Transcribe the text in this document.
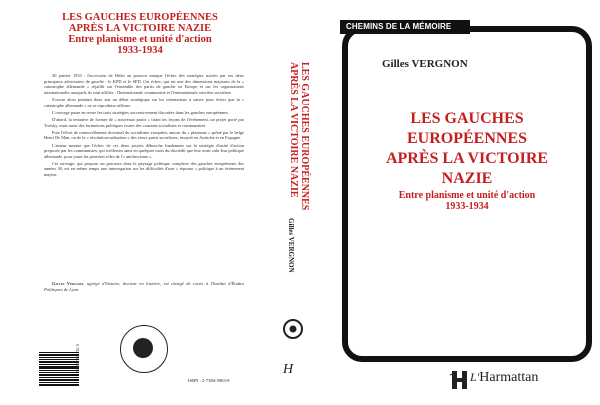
LES GAUCHES EUROPÉENNES
APRÈS LA VICTOIRE NAZIE
Entre planisme et unité d'action
1933-1934

30 janvier 1933 : l'accession de Hitler au pouvoir marque l'échec des stratégies suivies par ses deux principaux adversaires de gauche : le KPD et le SPD. Cet échec, qui est une des dimensions majeures de la « catastrophe allemande » rejaillit sur l'ensemble des partis de gauche en Europe et sur les organisations internationales auxquels ils sont affiliés : l'Internationale communiste et l'Internationale ouvrière socialiste.

S'ouvre alors pendant deux ans un débat stratégique sur les orientations à suivre pour éviter que la « catastrophe allemande » ne se reproduise ailleurs.

L'ouvrage passe en revue les trois stratégies successivement discutées dans les gauches européennes.

D'abord, la tentative de former de « nouveaux partis » tirant les leçons de l'événement, un projet porté par Trotsky, mais aussi des formations politiques issues des courants socialistes et communistes.

Puis l'effort de renouvellement doctrinal du socialisme européen, autour du « planisme » prôné par le belge Henri De Man, ou de la « révolution-nalisation » des vieux partis socialistes, essayée en Autriche et en Espagne.

L'auteur montre que l'échec de ces deux projets débouche finalement sur la stratégie d'unité d'action proposée par les communistes, qui scelleront ainsi en quelques mois du discrédit que leur avait valu leur politique allemande, pour jouer les premiers rôles de l'« antifascisme ».

Cet ouvrage, qui propose un parcours dans le paysage politique complexe des gauches européennes des années 30, est en même temps une interrogation sur les difficultés d'une « réponse » politique à un événement majeur.

Gilles Vergnon, agrégé d'histoire, docteur en histoire, est chargé de cours à l'Institut d'Études Politiques de Lyon.

IMAGE
9 782738 459639
ISBN : 2-7384-5963-8
LES GAUCHES EUROPÉENNES
APRÈS LA VICTOIRE NAZIE
Gilles VERGNON
H
CHEMINS DE LA MÉMOIRE
Gilles VERGNON
LES GAUCHES
EUROPÉENNES
APRÈS LA VICTOIRE
NAZIE
Entre planisme et unité d'action
1933-1934
L'Harmattan
